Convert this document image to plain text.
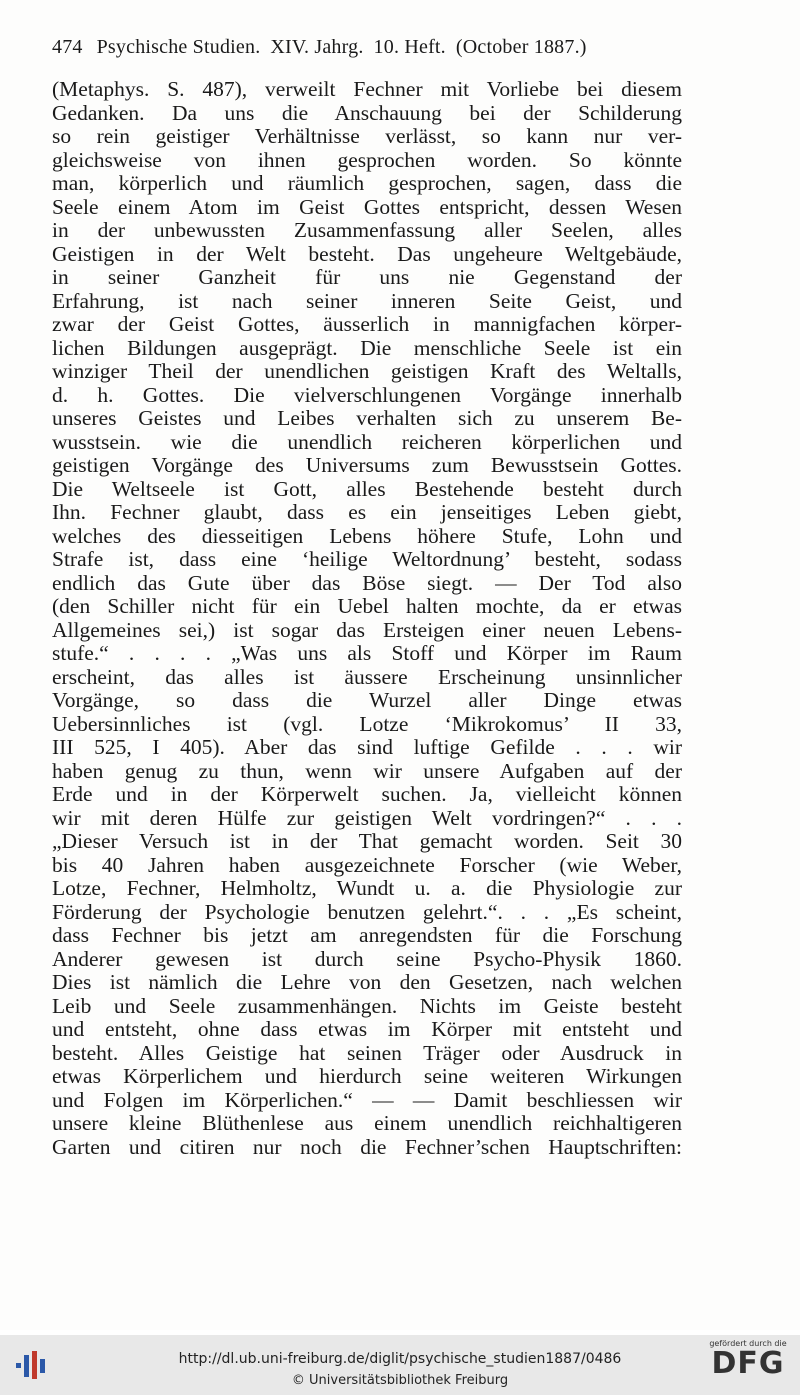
474 Psychische Studien. XIV. Jahrg. 10. Heft. (October 1887.)
(Metaphys. S. 487), verweilt Fechner mit Vorliebe bei diesem
Gedanken. Da uns die Anschauung bei der Schilderung
so rein geistiger Verhältnisse verlässt, so kann nur ver-
gleichsweise von ihnen gesprochen worden. So könnte
man, körperlich und räumlich gesprochen, sagen, dass die
Seele einem Atom im Geist Gottes entspricht, dessen Wesen
in der unbewussten Zusammenfassung aller Seelen, alles
Geistigen in der Welt besteht. Das ungeheure Weltgebäude,
in seiner Ganzheit für uns nie Gegenstand der
Erfahrung, ist nach seiner inneren Seite Geist, und
zwar der Geist Gottes, äusserlich in mannigfachen körper-
lichen Bildungen ausgeprägt. Die menschliche Seele ist ein
winziger Theil der unendlichen geistigen Kraft des Weltalls,
d. h. Gottes. Die vielverschlungenen Vorgänge innerhalb
unseres Geistes und Leibes verhalten sich zu unserem Be-
wusstsein. wie die unendlich reicheren körperlichen und
geistigen Vorgänge des Universums zum Bewusstsein Gottes.
Die Weltseele ist Gott, alles Bestehende besteht durch
Ihn. Fechner glaubt, dass es ein jenseitiges Leben giebt,
welches des diesseitigen Lebens höhere Stufe, Lohn und
Strafe ist, dass eine ‘heilige Weltordnung’ besteht, sodass
endlich das Gute über das Böse siegt. — Der Tod also
(den Schiller nicht für ein Uebel halten mochte, da er etwas
Allgemeines sei,) ist sogar das Ersteigen einer neuen Lebens-
stufe.“ . . . . „Was uns als Stoff und Körper im Raum
erscheint, das alles ist äussere Erscheinung unsinnlicher
Vorgänge, so dass die Wurzel aller Dinge etwas
Uebersinnliches ist (vgl. Lotze ‘Mikrokomus’ II 33,
III 525, I 405). Aber das sind luftige Gefilde . . . wir
haben genug zu thun, wenn wir unsere Aufgaben auf der
Erde und in der Körperwelt suchen. Ja, vielleicht können
wir mit deren Hülfe zur geistigen Welt vordringen?“ . . .
„Dieser Versuch ist in der That gemacht worden. Seit 30
bis 40 Jahren haben ausgezeichnete Forscher (wie Weber,
Lotze, Fechner, Helmholtz, Wundt u. a. die Physiologie zur
Förderung der Psychologie benutzen gelehrt.“. . . „Es scheint,
dass Fechner bis jetzt am anregendsten für die Forschung
Anderer gewesen ist durch seine Psycho-Physik 1860.
Dies ist nämlich die Lehre von den Gesetzen, nach welchen
Leib und Seele zusammenhängen. Nichts im Geiste besteht
und entsteht, ohne dass etwas im Körper mit entsteht und
besteht. Alles Geistige hat seinen Träger oder Ausdruck in
etwas Körperlichem und hierdurch seine weiteren Wirkungen
und Folgen im Körperlichen.“ — — Damit beschliessen wir
unsere kleine Blüthenlese aus einem unendlich reichhaltigeren
Garten und citiren nur noch die Fechner’schen Hauptschriften:
http://dl.ub.uni-freiburg.de/diglit/psychische_studien1887/0486
© Universitätsbibliothek Freiburg
gefördert durch die
DFG
